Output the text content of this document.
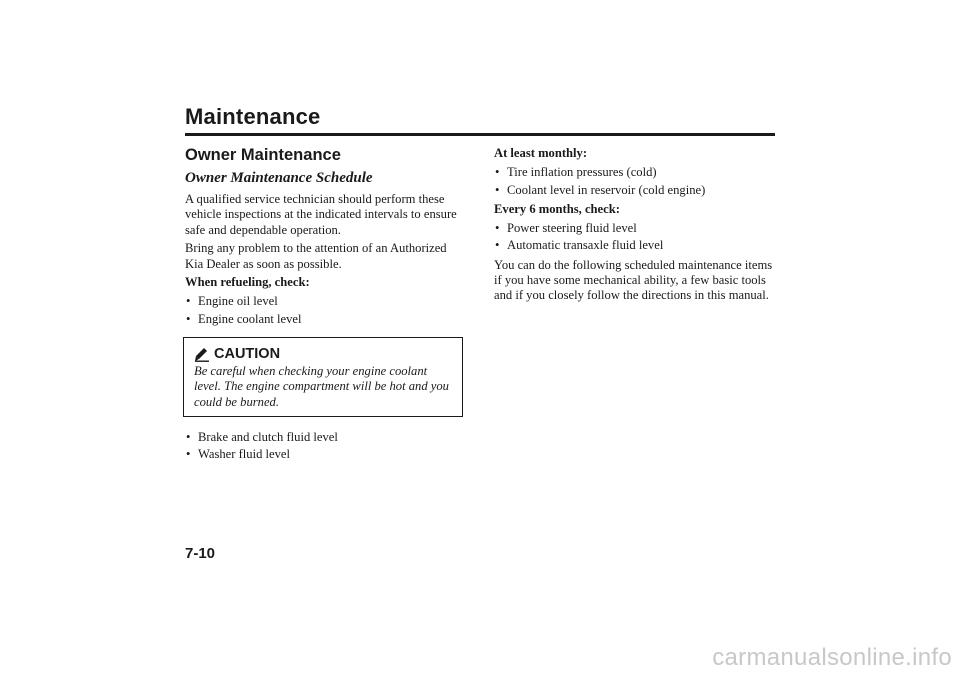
Maintenance
Owner Maintenance
Owner Maintenance Schedule

A qualified service technician should perform these vehicle inspections at the indicated intervals to ensure safe and dependable operation.

Bring any problem to the attention of an Authorized Kia Dealer as soon as possible.

When refueling, check:

• Engine oil level
• Engine coolant level
CAUTION

Be careful when checking your engine coolant level. The engine compartment will be hot and you could be burned.

• Brake and clutch fluid level
• Washer fluid level

At least monthly:

• Tire inflation pressures (cold)
• Coolant level in reservoir (cold engine)

Every 6 months, check:

• Power steering fluid level
• Automatic transaxle fluid level

You can do the following scheduled maintenance items if you have some mechanical ability, a few basic tools and if you closely follow the directions in this manual.

7-10
carmanualsonline.info
